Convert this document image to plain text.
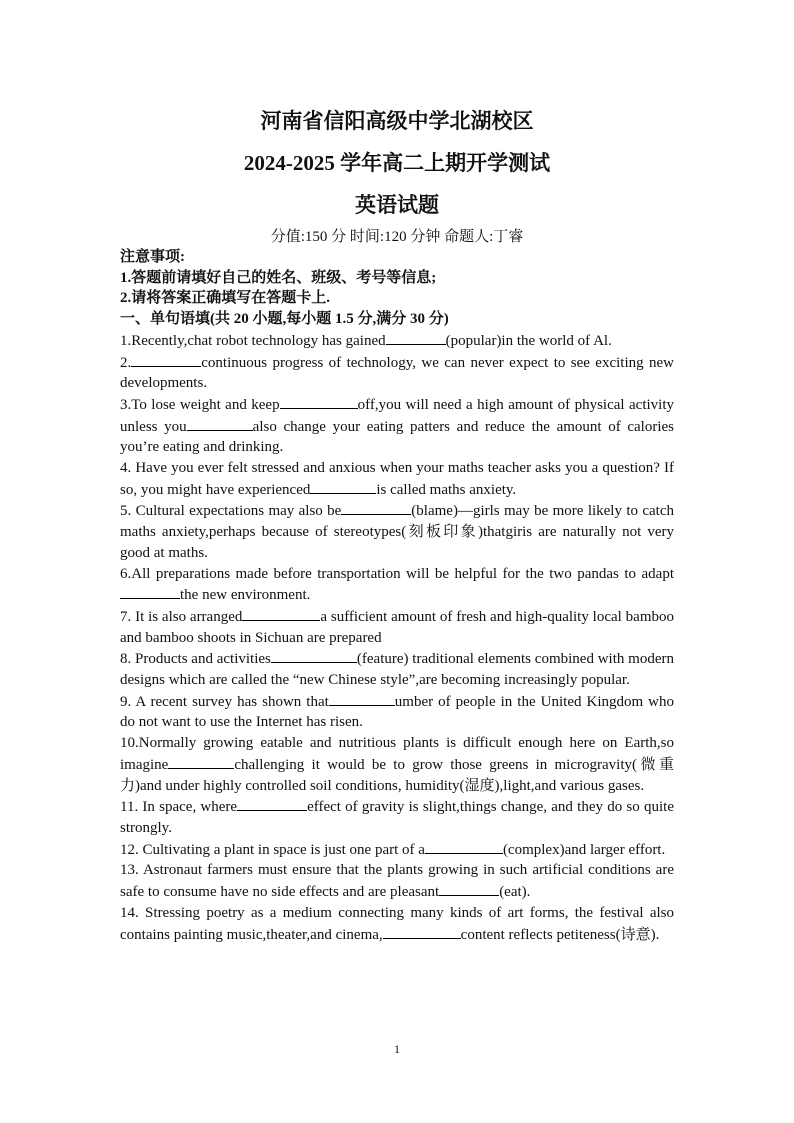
河南省信阳高级中学北湖校区
2024-2025 学年高二上期开学测试
英语试题
分值:150 分 时间:120 分钟 命题人:丁睿
注意事项:
1.答题前请填好自己的姓名、班级、考号等信息;
2.请将答案正确填写在答题卡上.
一、单句语填(共 20 小题,每小题 1.5 分,满分 30 分)
1.Recently,chat robot technology has gained	(popular)in the world of Al.
2.	continuous progress of technology, we can never expect to see exciting new developments.
3.To lose weight and keep	off,you will need a high amount of physical activity unless you	also change your eating patters and reduce the amount of calories you’re eating and drinking.
4. Have you ever felt stressed and anxious when your maths teacher asks you a question? If so, you might have experienced	is called maths anxiety.
5. Cultural expectations may also be	(blame)—girls may be more likely to catch maths anxiety,perhaps because of stereotypes(刻板印象)thatgiris are naturally not very good at maths.
6.All preparations made before transportation will be helpful for the two pandas to adaptthe new environment.
7. It is also arranged	a sufficient amount of fresh and high-quality local bamboo and bamboo shoots in Sichuan are prepared
8. Products and activities	(feature) traditional elements combined with modern designs which are called the “new Chinese style”,are becoming increasingly popular.
9. A recent survey has shown that	umber of people in the United Kingdom who do not want to use the Internet has risen.
10.Normally growing eatable and nutritious plants is difficult enough here on Earth,so imagine	challenging it would be to grow those greens in microgravity(微重力)and under highly controlled soil conditions, humidity(湿度),light,and various gases.
11. In space, where	effect of gravity is slight,things change, and they do so quite strongly.
12. Cultivating a plant in space is just one part of a	(complex)and larger effort.
13. Astronaut farmers must ensure that the plants growing in such artificial conditions are safe to consume have no side effects and are pleasant	(eat).
14. Stressing poetry as a medium connecting many kinds of art forms, the festival also contains painting music,theater,and cinema,	content reflects petiteness(诗意).
1
